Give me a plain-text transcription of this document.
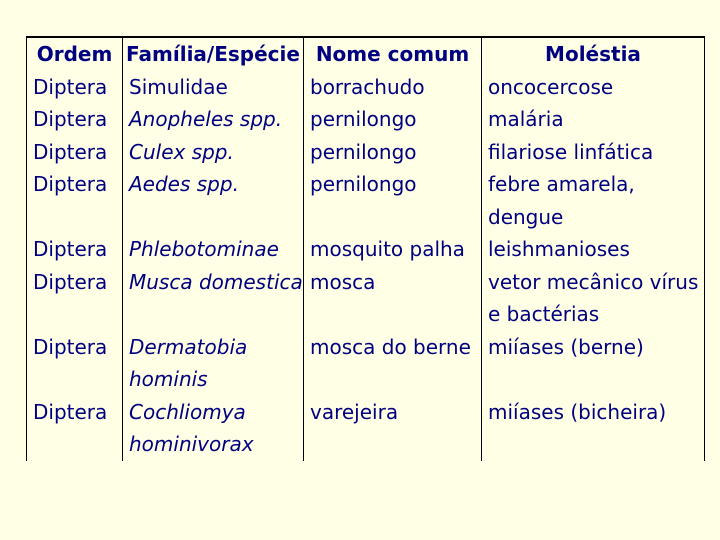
Ordem	Família/Espécie	Nome comum	Moléstia
Diptera	Simulidae	borrachudo	oncocercose
Diptera	Anopheles spp.	pernilongo	malária
Diptera	Culex spp.	pernilongo	filariose linfática
Diptera	Aedes spp.	pernilongo	febre amarela, dengue
Diptera	Phlebotominae	mosquito palha	leishmanioses
Diptera	Musca domestica	mosca	vetor mecânico vírus e bactérias
Diptera	Dermatobia hominis	mosca do berne	miíases (berne)
Diptera	Cochliomya hominivorax	varejeira	miíases (bicheira)
